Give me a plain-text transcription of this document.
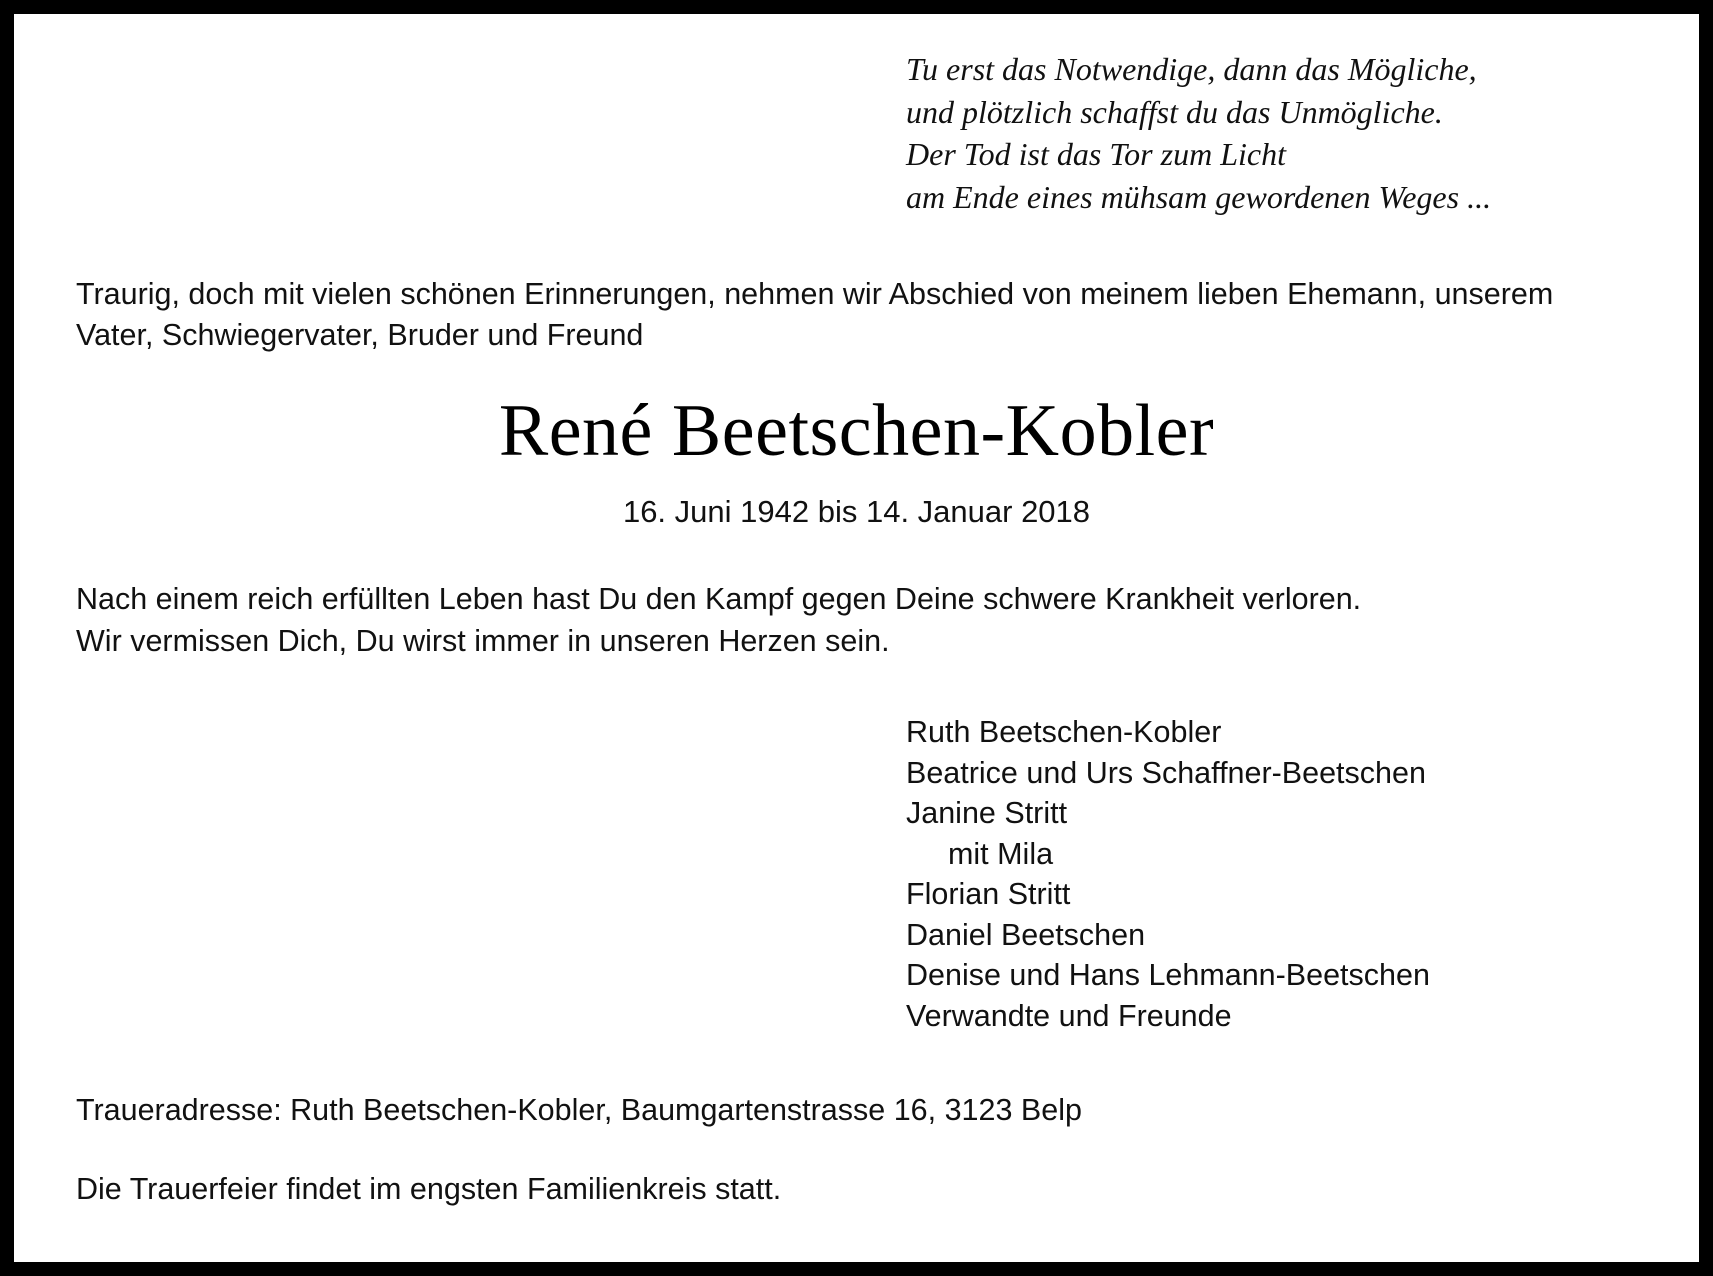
Tu erst das Notwendige, dann das Mögliche,
und plötzlich schaffst du das Unmögliche.
Der Tod ist das Tor zum Licht
am Ende eines mühsam gewordenen Weges ...
Traurig, doch mit vielen schönen Erinnerungen, nehmen wir Abschied von meinem lieben Ehemann, unserem
Vater, Schwiegervater, Bruder und Freund
René Beetschen-Kobler
16. Juni 1942 bis 14. Januar 2018
Nach einem reich erfüllten Leben hast Du den Kampf gegen Deine schwere Krankheit verloren.
Wir vermissen Dich, Du wirst immer in unseren Herzen sein.
Ruth Beetschen-Kobler
Beatrice und Urs Schaffner-Beetschen
Janine Stritt
mit Mila
Florian Stritt
Daniel Beetschen
Denise und Hans Lehmann-Beetschen
Verwandte und Freunde
Traueradresse: Ruth Beetschen-Kobler, Baumgartenstrasse 16, 3123 Belp
Die Trauerfeier findet im engsten Familienkreis statt.
